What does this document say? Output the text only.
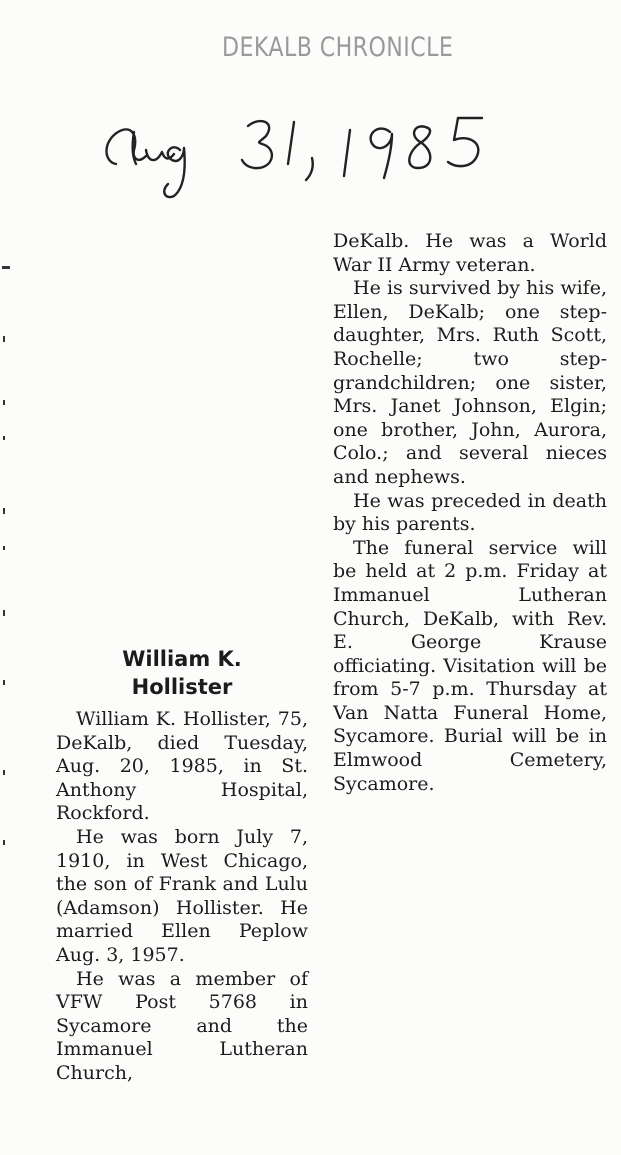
DEKALB CHRONICLE
William K.
Hollister

William K. Hollister, 75, DeKalb, died Tuesday, Aug. 20, 1985, in St. Anthony Hospital, Rockford.

He was born July 7, 1910, in West Chicago, the son of Frank and Lulu (Adamson) Hollister. He married Ellen Peplow Aug. 3, 1957.

He was a member of VFW Post 5768 in Sycamore and the Immanuel Lutheran Church,

DeKalb. He was a World War II Army veteran.

He is survived by his wife, Ellen, DeKalb; one step-daughter, Mrs. Ruth Scott, Rochelle; two step-grandchildren; one sister, Mrs. Janet Johnson, Elgin; one brother, John, Aurora, Colo.; and several nieces and nephews.

He was preceded in death by his parents.

The funeral service will be held at 2 p.m. Friday at Immanuel Lutheran Church, DeKalb, with Rev. E. George Krause officiating. Visitation will be from 5-7 p.m. Thursday at Van Natta Funeral Home, Sycamore. Burial will be in Elmwood Cemetery, Sycamore.
